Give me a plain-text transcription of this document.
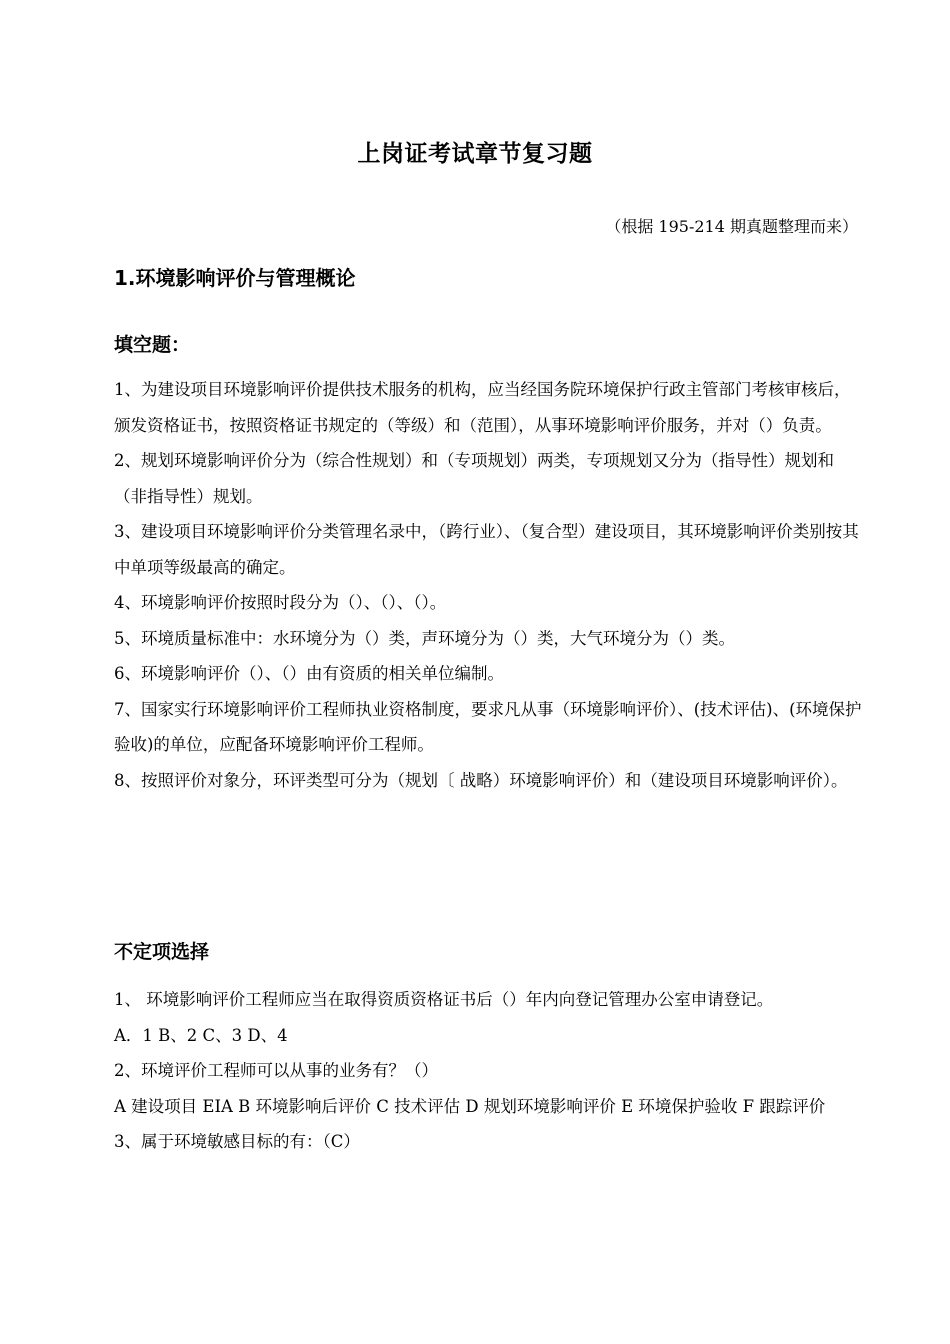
上岗证考试章节复习题
（根据 195-214 期真题整理而来）
1.环境影响评价与管理概论
填空题：

1、为建设项目环境影响评价提供技术服务的机构，应当经国务院环境保护行政主管部门考核审核后，颁发资格证书，按照资格证书规定的（等级）和（范围），从事环境影响评价服务，并对（）负责。

2、规划环境影响评价分为（综合性规划）和（专项规划）两类，专项规划又分为（指导性）规划和（非指导性）规划。

3、建设项目环境影响评价分类管理名录中，（跨行业）、（复合型）建设项目，其环境影响评价类别按其中单项等级最高的确定。

4、环境影响评价按照时段分为（）、（）、（）。

5、环境质量标准中：水环境分为（）类，声环境分为（）类，大气环境分为（）类。

6、环境影响评价（）、（）由有资质的相关单位编制。

7、国家实行环境影响评价工程师执业资格制度，要求凡从事（环境影响评价）、(技术评估)、(环境保护验收)的单位，应配备环境影响评价工程师。

8、按照评价对象分，环评类型可分为（规划〔 战略）环境影响评价）和（建设项目环境影响评价）。

不定项选择

1、 环境影响评价工程师应当在取得资质资格证书后（）年内向登记管理办公室申请登记。

A．1 B、2 C、3 D、4

2、环境评价工程师可以从事的业务有？（）

A 建设项目 EIA B 环境影响后评价 C 技术评估 D 规划环境影响评价 E 环境保护验收 F 跟踪评价

3、属于环境敏感目标的有：（C）
